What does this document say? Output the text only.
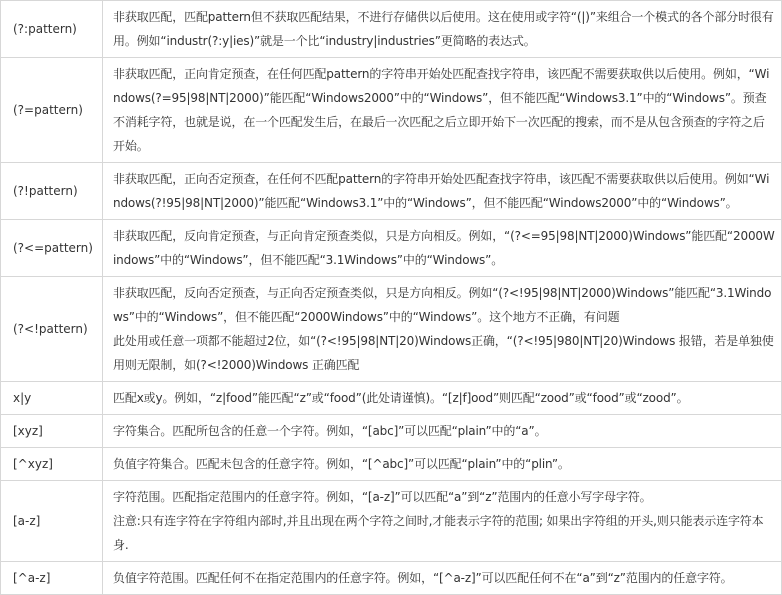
(?:pattern)	非获取匹配，匹配pattern但不获取匹配结果，不进行存储供以后使用。这在使用或字符“(|)”来组合一个模式的各个部分时很有用。例如“industr(?:y|ies)”就是一个比“industry|industries”更简略的表达式。

(?=pattern)	非获取匹配，正向肯定预查，在任何匹配pattern的字符串开始处匹配查找字符串，该匹配不需要获取供以后使用。例如，“Windows(?=95|98|NT|2000)”能匹配“Windows2000”中的“Windows”，但不能匹配“Windows3.1”中的“Windows”。预查不消耗字符，也就是说，在一个匹配发生后，在最后一次匹配之后立即开始下一次匹配的搜索，而不是从包含预查的字符之后开始。

(?!pattern)	非获取匹配，正向否定预查，在任何不匹配pattern的字符串开始处匹配查找字符串，该匹配不需要获取供以后使用。例如“Windows(?!95|98|NT|2000)”能匹配“Windows3.1”中的“Windows”，但不能匹配“Windows2000”中的“Windows”。

(?<=pattern)	非获取匹配，反向肯定预查，与正向肯定预查类似，只是方向相反。例如，“(?<=95|98|NT|2000)Windows”能匹配“2000Windows”中的“Windows”，但不能匹配“3.1Windows”中的“Windows”。

(?<!pattern)	非获取匹配，反向否定预查，与正向否定预查类似，只是方向相反。例如“(?<!95|98|NT|2000)Windows”能匹配“3.1Windows”中的“Windows”，但不能匹配“2000Windows”中的“Windows”。这个地方不正确，有问题

此处用或任意一项都不能超过2位，如“(?<!95|98|NT|20)Windows正确，“(?<!95|980|NT|20)Windows 报错，若是单独使用则无限制，如(?<!2000)Windows 正确匹配

x|y	匹配x或y。例如，“z|food”能匹配“z”或“food”(此处请谨慎)。“[z|f]ood”则匹配“zood”或“food”或“zood”。

[xyz]	字符集合。匹配所包含的任意一个字符。例如，“[abc]”可以匹配“plain”中的“a”。

[^xyz]	负值字符集合。匹配未包含的任意字符。例如，“[^abc]”可以匹配“plain”中的“plin”。

[a-z]	字符范围。匹配指定范围内的任意字符。例如，“[a-z]”可以匹配“a”到“z”范围内的任意小写字母字符。

注意:只有连字符在字符组内部时,并且出现在两个字符之间时,才能表示字符的范围; 如果出字符组的开头,则只能表示连字符本身.

[^a-z]	负值字符范围。匹配任何不在指定范围内的任意字符。例如，“[^a-z]”可以匹配任何不在“a”到“z”范围内的任意字符。
